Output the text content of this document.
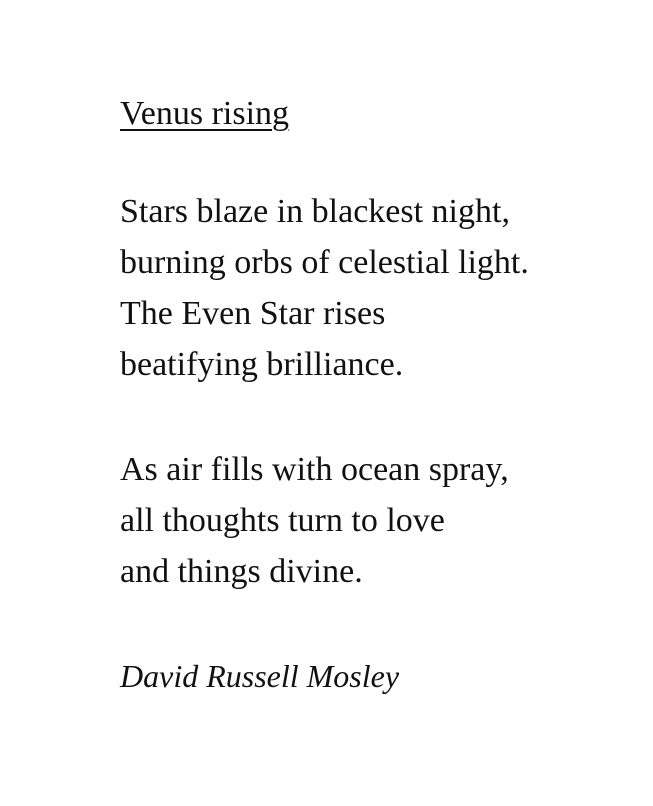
Venus rising

Stars blaze in blackest night,
burning orbs of celestial light.
The Even Star rises
beatifying brilliance.

As air fills with ocean spray,
all thoughts turn to love
and things divine.

David Russell Mosley
